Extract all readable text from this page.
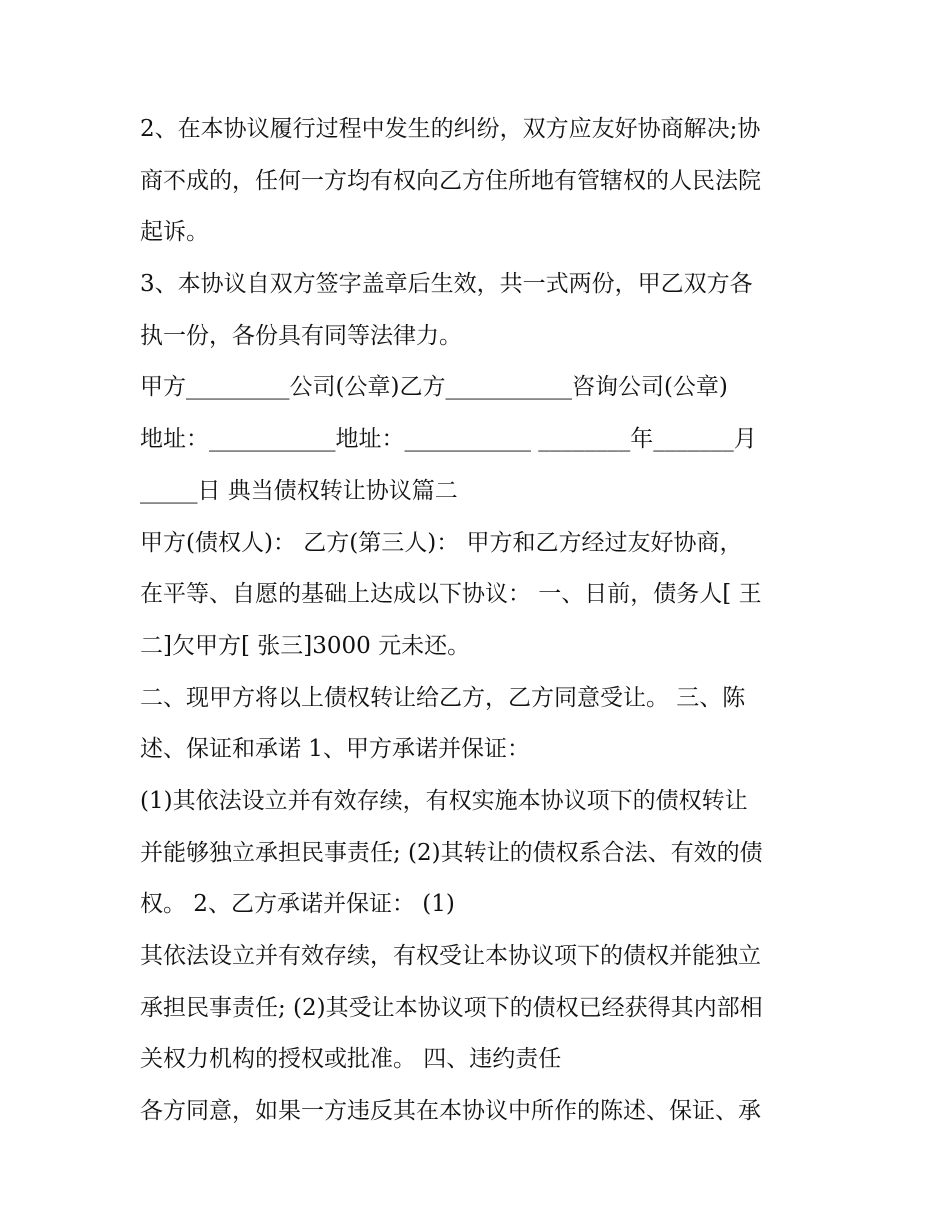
2、在本协议履行过程中发生的纠纷，双方应友好协商解决;协
商不成的，任何一方均有权向乙方住所地有管辖权的人民法院
起诉。
3、本协议自双方签字盖章后生效，共一式两份，甲乙双方各
执一份，各份具有同等法律力。
甲方_________公司(公章)乙方___________咨询公司(公章)
地址：___________地址：___________ ________年_______月
_____日 典当债权转让协议篇二
甲方(债权人)： 乙方(第三人)： 甲方和乙方经过友好协商，
在平等、自愿的基础上达成以下协议： 一、日前，债务人[ 王
二]欠甲方[ 张三]3000 元未还。
二、现甲方将以上债权转让给乙方，乙方同意受让。 三、陈
述、保证和承诺 1、甲方承诺并保证：
(1)其依法设立并有效存续，有权实施本协议项下的债权转让
并能够独立承担民事责任; (2)其转让的债权系合法、有效的债
权。 2、乙方承诺并保证： (1)
其依法设立并有效存续，有权受让本协议项下的债权并能独立
承担民事责任; (2)其受让本协议项下的债权已经获得其内部相
关权力机构的授权或批准。 四、违约责任
各方同意，如果一方违反其在本协议中所作的陈述、保证、承
